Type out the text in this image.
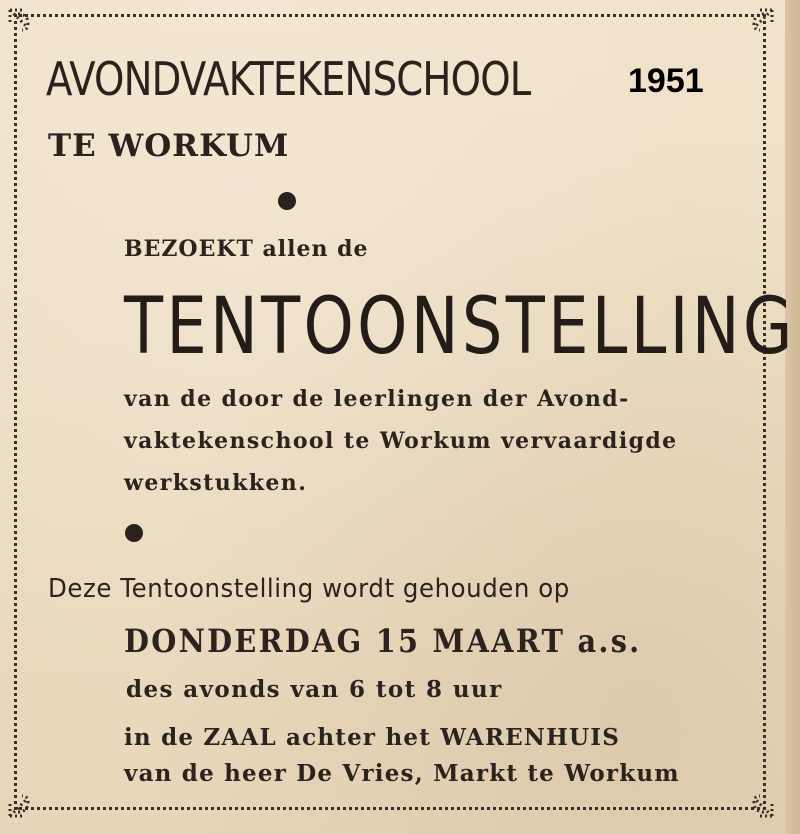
AVONDVAKTEKENSCHOOL	1951
TE WORKUM
BEZOEKT allen de
TENTOONSTELLING
van de door de leerlingen der Avond-
vaktekenschool te Workum vervaardigde
werkstukken.
Deze Tentoonstelling wordt gehouden op
DONDERDAG 15 MAART a.s.
des avonds van 6 tot 8 uur
in de ZAAL achter het WARENHUIS
van de heer De Vries, Markt te Workum
